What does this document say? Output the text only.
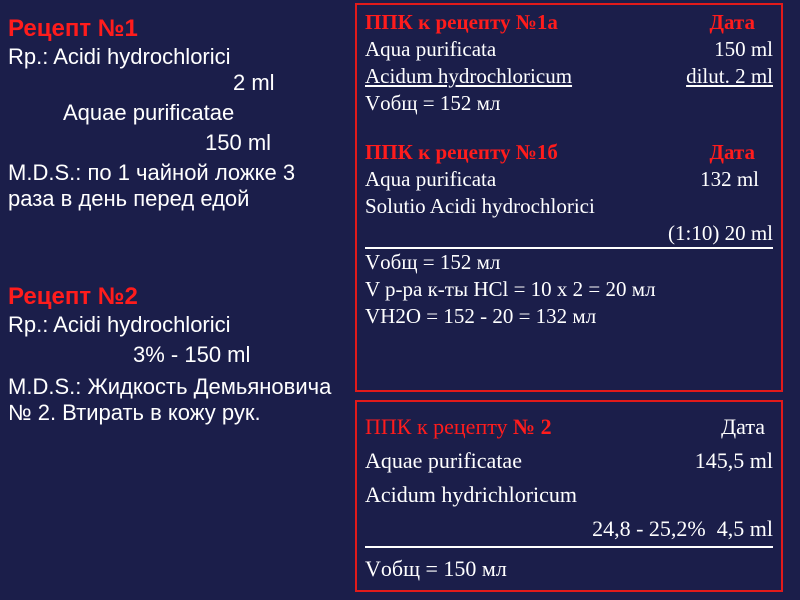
Рецепт №1
Rp.: Acidi hydrochlorici
2 ml
Aquae purificatae
150 ml
M.D.S.: по 1 чайной ложке 3 раза в день перед едой
Рецепт №2
Rp.: Acidi hydrochlorici
3% - 150 ml
M.D.S.: Жидкость Демьяновича № 2. Втирать в кожу рук.
ППК к рецепту №1а	Дата
Aqua purificata	150 ml
Acidum hydrochloricum	dilut. 2 ml
Vобщ = 152 мл
ППК к рецепту №1б	Дата
Aqua purificata	132 ml
Solutio Acidi hydrochlorici
(1:10) 20 ml
Vобщ = 152 мл
V р-ра к-ты HCl = 10 x 2 = 20 мл
VH2O = 152 - 20 = 132 мл
ППК к рецепту № 2	Дата
Aquae purificatae	145,5 ml
Acidum hydrichloricum
24,8 - 25,2%  4,5 ml
Vобщ = 150 мл
